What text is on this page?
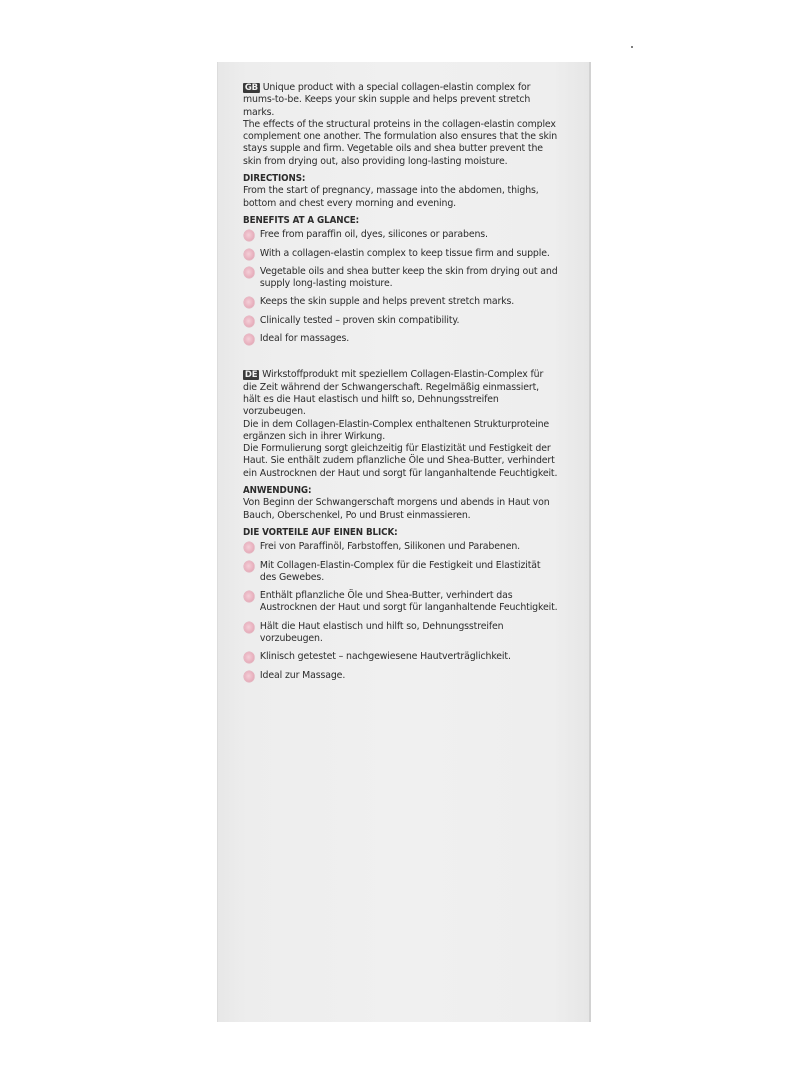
GB Unique product with a special collagen-elastin complex for mums-to-be. Keeps your skin supple and helps prevent stretch marks.

The effects of the structural proteins in the collagen-elastin complex complement one another. The formulation also ensures that the skin stays supple and firm. Vegetable oils and shea butter prevent the skin from drying out, also providing long-lasting moisture.

DIRECTIONS:

From the start of pregnancy, massage into the abdomen, thighs, bottom and chest every morning and evening.

BENEFITS AT A GLANCE:

Free from paraffin oil, dyes, silicones or parabens.
With a collagen-elastin complex to keep tissue firm and supple.
Vegetable oils and shea butter keep the skin from drying out and supply long-lasting moisture.
Keeps the skin supple and helps prevent stretch marks.
Clinically tested – proven skin compatibility.
Ideal for massages.

DE Wirkstoffprodukt mit speziellem Collagen-Elastin-Complex für die Zeit während der Schwangerschaft. Regelmäßig einmassiert, hält es die Haut elastisch und hilft so, Dehnungsstreifen vorzubeugen.

Die in dem Collagen-Elastin-Complex enthaltenen Strukturproteine ergänzen sich in ihrer Wirkung.

Die Formulierung sorgt gleichzeitig für Elastizität und Festigkeit der Haut. Sie enthält zudem pflanzliche Öle und Shea-Butter, verhindert ein Austrocknen der Haut und sorgt für langanhaltende Feuchtigkeit.

ANWENDUNG:

Von Beginn der Schwangerschaft morgens und abends in Haut von Bauch, Oberschenkel, Po und Brust einmassieren.

DIE VORTEILE AUF EINEN BLICK:

Frei von Paraffinöl, Farbstoffen, Silikonen und Parabenen.
Mit Collagen-Elastin-Complex für die Festigkeit und Elastizität des Gewebes.
Enthält pflanzliche Öle und Shea-Butter, verhindert das Austrocknen der Haut und sorgt für langanhaltende Feuchtigkeit.
Hält die Haut elastisch und hilft so, Dehnungsstreifen vorzubeugen.
Klinisch getestet – nachgewiesene Hautverträglichkeit.
Ideal zur Massage.
